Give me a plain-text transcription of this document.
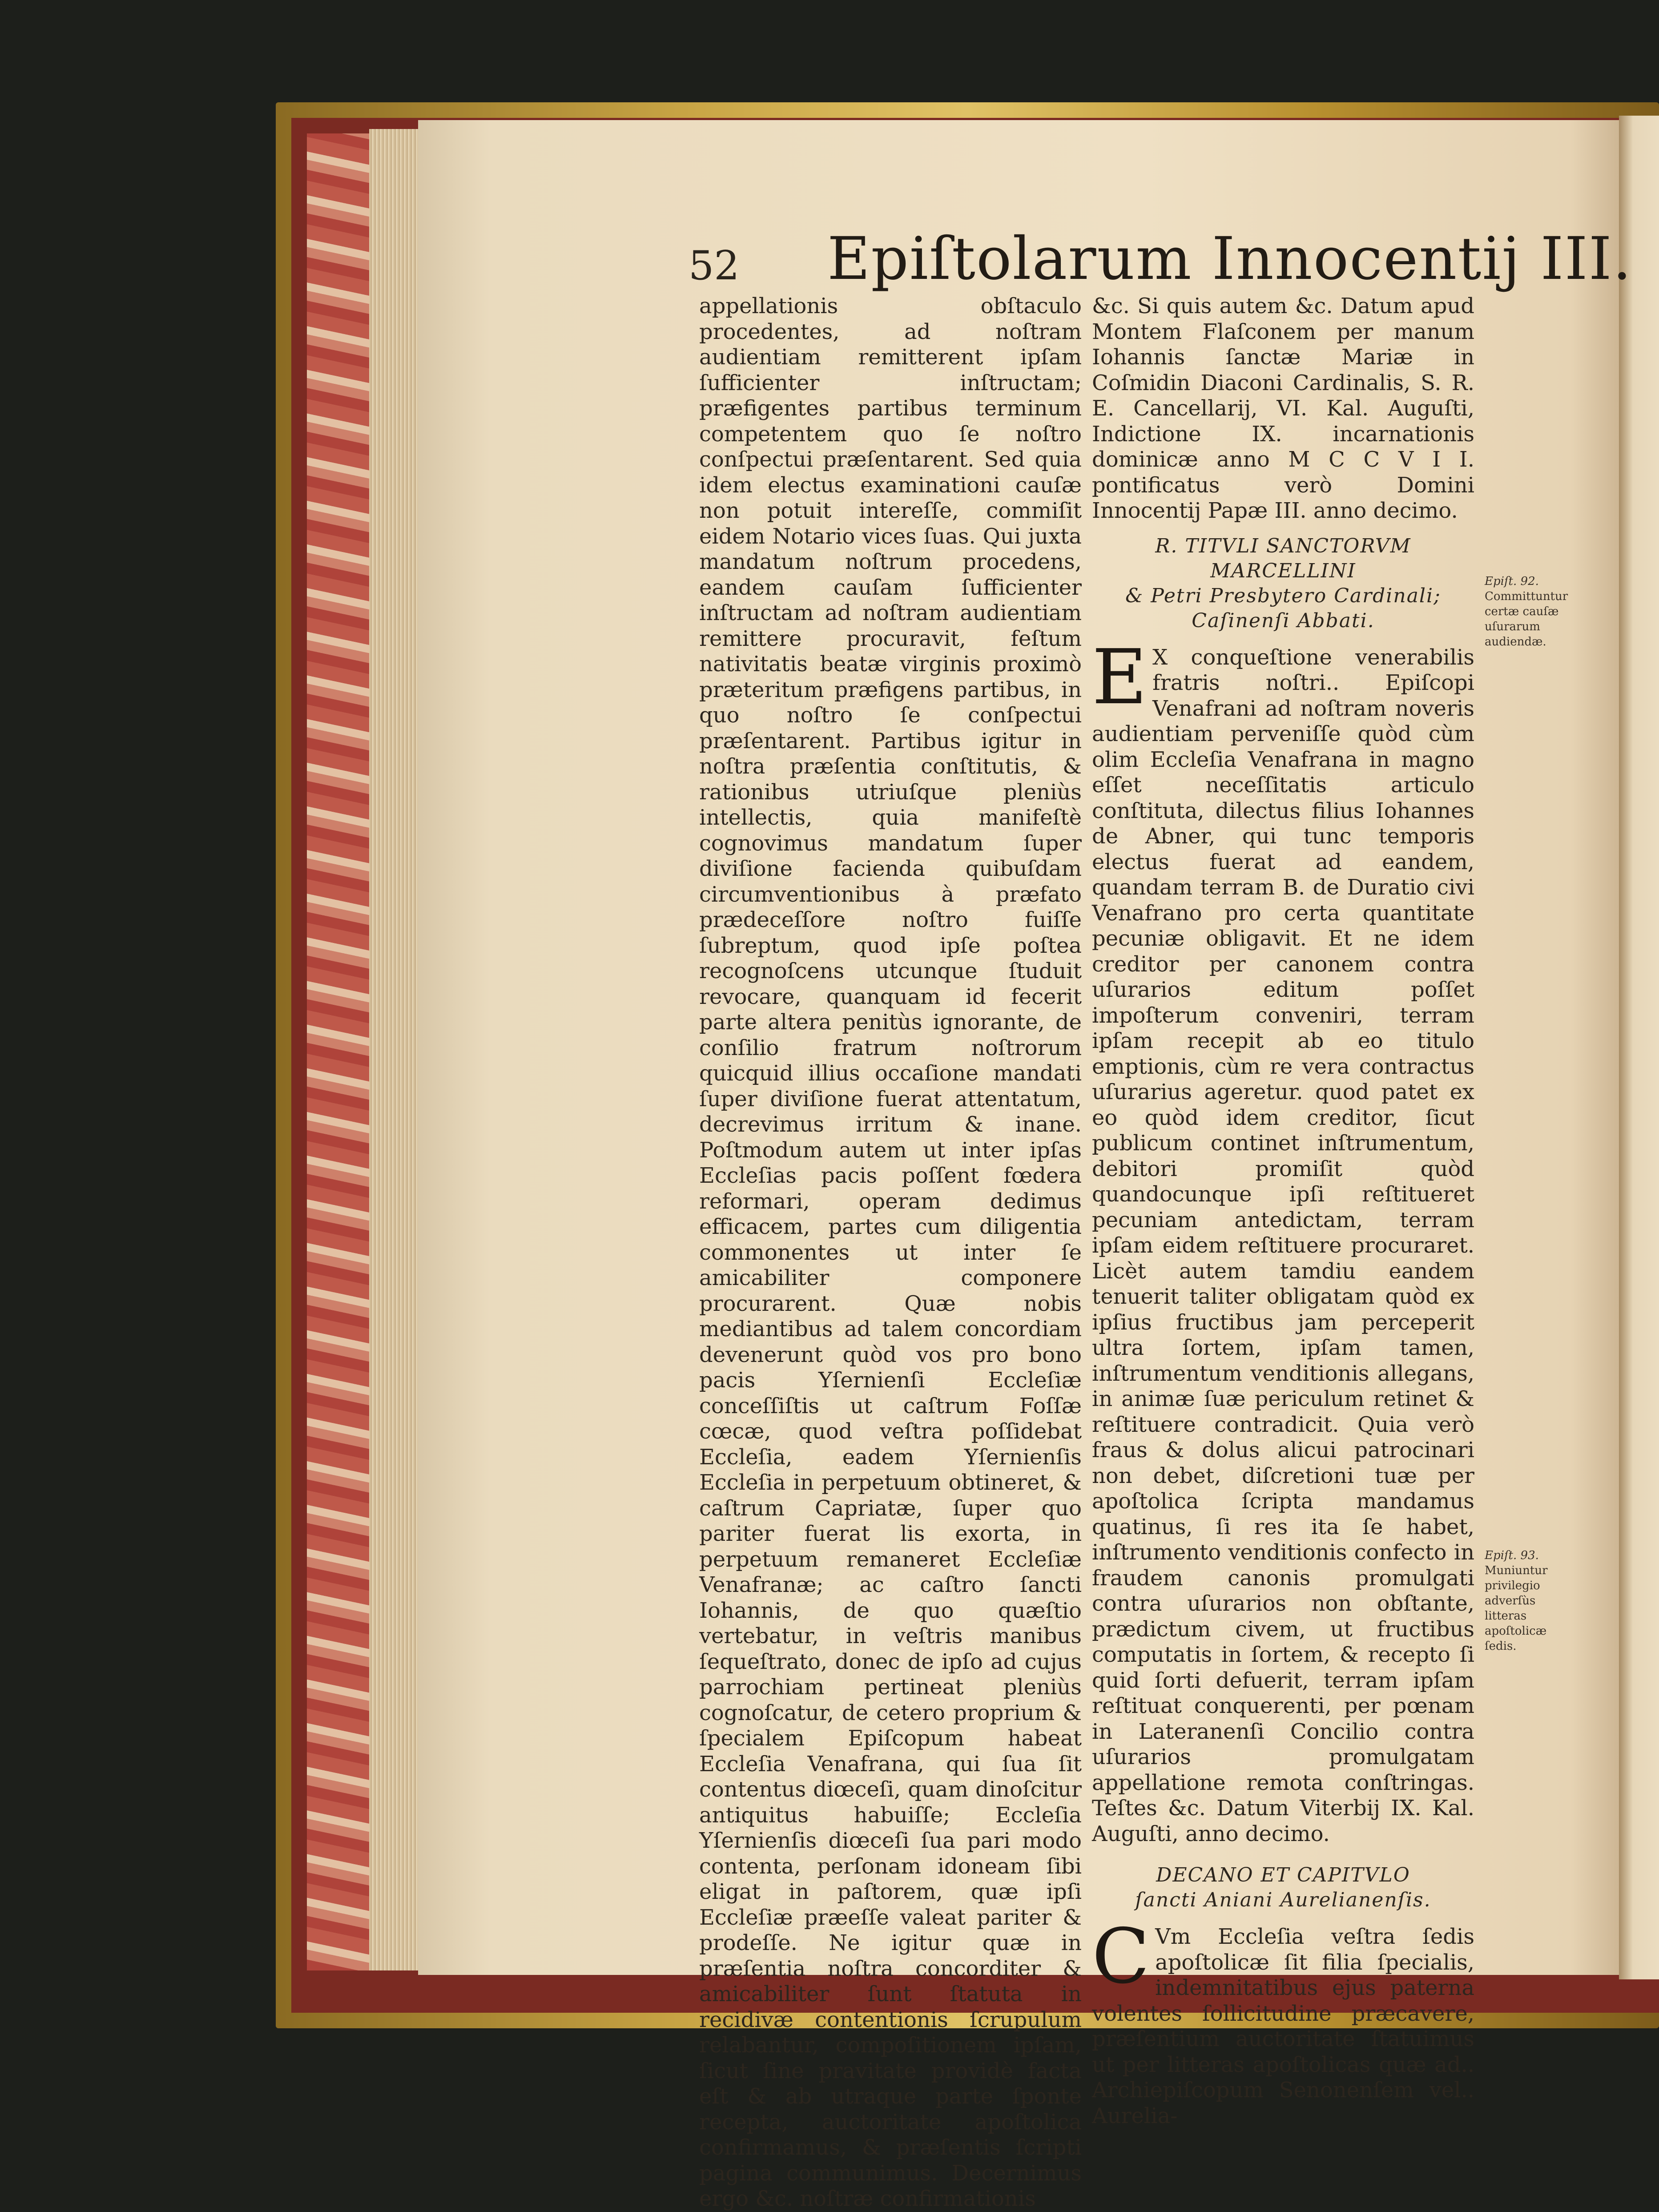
52 Epiſtolarum Innocentij III.

appellationis obſtaculo procedentes, ad noſtram audientiam remitterent ipſam ſufficienter inſtructam; præfigentes partibus terminum competentem quo ſe noſtro conſpectui præſentarent. Sed quia idem electus examinationi cauſæ non potuit intereſſe, commiſit eidem Notario vices ſuas. Qui juxta mandatum noſtrum procedens, eandem cauſam ſufficienter inſtructam ad noſtram audientiam remittere procuravit, feſtum nativitatis beatæ virginis proximò præteritum præfigens partibus, in quo noſtro ſe conſpectui præſentarent. Partibus igitur in noſtra præſentia conſtitutis, & rationibus utriuſque pleniùs intellectis, quia manifeſtè cognovimus mandatum ſuper diviſione facienda quibuſdam circumventionibus à præfato prædeceſſore noſtro fuiſſe ſubreptum, quod ipſe poſtea recognoſcens utcunque ſtuduit revocare, quanquam id fecerit parte altera penitùs ignorante, de conſilio fratrum noſtrorum quicquid illius occaſione mandati ſuper diviſione fuerat attentatum, decrevimus irritum & inane. Poſtmodum autem ut inter ipſas Eccleſias pacis poſſent fœdera reformari, operam dedimus efficacem, partes cum diligentia commonentes ut inter ſe amicabiliter componere procurarent. Quæ nobis mediantibus ad talem concordiam devenerunt quòd vos pro bono pacis Yſernienſi Eccleſiæ conceſſiſtis ut caſtrum Foſſæ cœcæ, quod veſtra poſſidebat Eccleſia, eadem Yſernienſis Eccleſia in perpetuum obtineret, & caſtrum Capriatæ, ſuper quo pariter fuerat lis exorta, in perpetuum remaneret Eccleſiæ Venafranæ; ac caſtro ſancti Iohannis, de quo quæſtio vertebatur, in veſtris manibus ſequeſtrato, donec de ipſo ad cujus parrochiam pertineat pleniùs cognoſcatur, de cetero proprium & ſpecialem Epiſcopum habeat Eccleſia Venafrana, qui ſua ſit contentus diœceſi, quam dinoſcitur antiquitus habuiſſe; Eccleſia Yſernienſis diœceſi ſua pari modo contenta, perſonam idoneam ſibi eligat in paſtorem, quæ ipſi Eccleſiæ præeſſe valeat pariter & prodeſſe. Ne igitur quæ in præſentia noſtra concorditer & amicabiliter ſunt ſtatuta in recidivæ contentionis ſcrupulum relabantur, compoſitionem ipſam, ſicut ſine pravitate providè facta eſt & ab utraque parte ſponte recepta, auctoritate apoſtolica confirmamus, & præſentis ſcripti pagina communimus. Decernimus ergo &c. noſtræ confirmationis

&c. Si quis autem &c. Datum apud Montem Flaſconem per manum Iohannis ſanctæ Mariæ in Coſmidin Diaconi Cardinalis, S. R. E. Cancellarij, VI. Kal. Auguſti, Indictione IX. incarnationis dominicæ anno M C C V I I. pontificatus verò Domini Innocentij Papæ III. anno decimo.

R. TITVLI SANCTORVM MARCELLINI
& Petri Presbytero Cardinali;
Caſinenſi Abbati.

E X conqueſtione venerabilis fratris noſtri.. Epiſcopi Venafrani ad noſtram noveris audientiam perveniſſe quòd cùm olim Eccleſia Venafrana in magno eſſet neceſſitatis articulo conſtituta, dilectus filius Iohannes de Abner, qui tunc temporis electus fuerat ad eandem, quandam terram B. de Duratio civi Venafrano pro certa quantitate pecuniæ obligavit. Et ne idem creditor per canonem contra uſurarios editum poſſet impoſterum conveniri, terram ipſam recepit ab eo titulo emptionis, cùm re vera contractus uſurarius ageretur. quod patet ex eo quòd idem creditor, ſicut publicum continet inſtrumentum, debitori promiſit quòd quandocunque ipſi reſtitueret pecuniam antedictam, terram ipſam eidem reſtituere procuraret. Licèt autem tamdiu eandem tenuerit taliter obligatam quòd ex ipſius fructibus jam perceperit ultra ſortem, ipſam tamen, inſtrumentum venditionis allegans, in animæ ſuæ periculum retinet & reſtituere contradicit. Quia verò fraus & dolus alicui patrocinari non debet, diſcretioni tuæ per apoſtolica ſcripta mandamus quatinus, ſi res ita ſe habet, inſtrumento venditionis confecto in fraudem canonis promulgati contra uſurarios non obſtante, prædictum civem, ut fructibus computatis in ſortem, & recepto ſi quid ſorti defuerit, terram ipſam reſtituat conquerenti, per pœnam in Lateranenſi Concilio contra uſurarios promulgatam appellatione remota conſtringas. Teſtes &c. Datum Viterbij IX. Kal. Auguſti, anno decimo.

DECANO ET CAPITVLO
ſancti Aniani Aurelianenſis.

C Vm Eccleſia veſtra ſedis apoſtolicæ ſit filia ſpecialis, indemnitatibus ejus paterna volentes ſollicitudine præcavere, præſentium auctoritate ſtatuimus ut per litteras apoſtolicas quæ ad.. Archiepiſcopum Senonenſem vel.. Aurelia-

Epiſt. 92.
Committuntur certæ cauſæ uſurarum audiendæ.
Epiſt. 93.
Muniuntur privilegio adverſùs litteras apoſtolicæ ſedis.
